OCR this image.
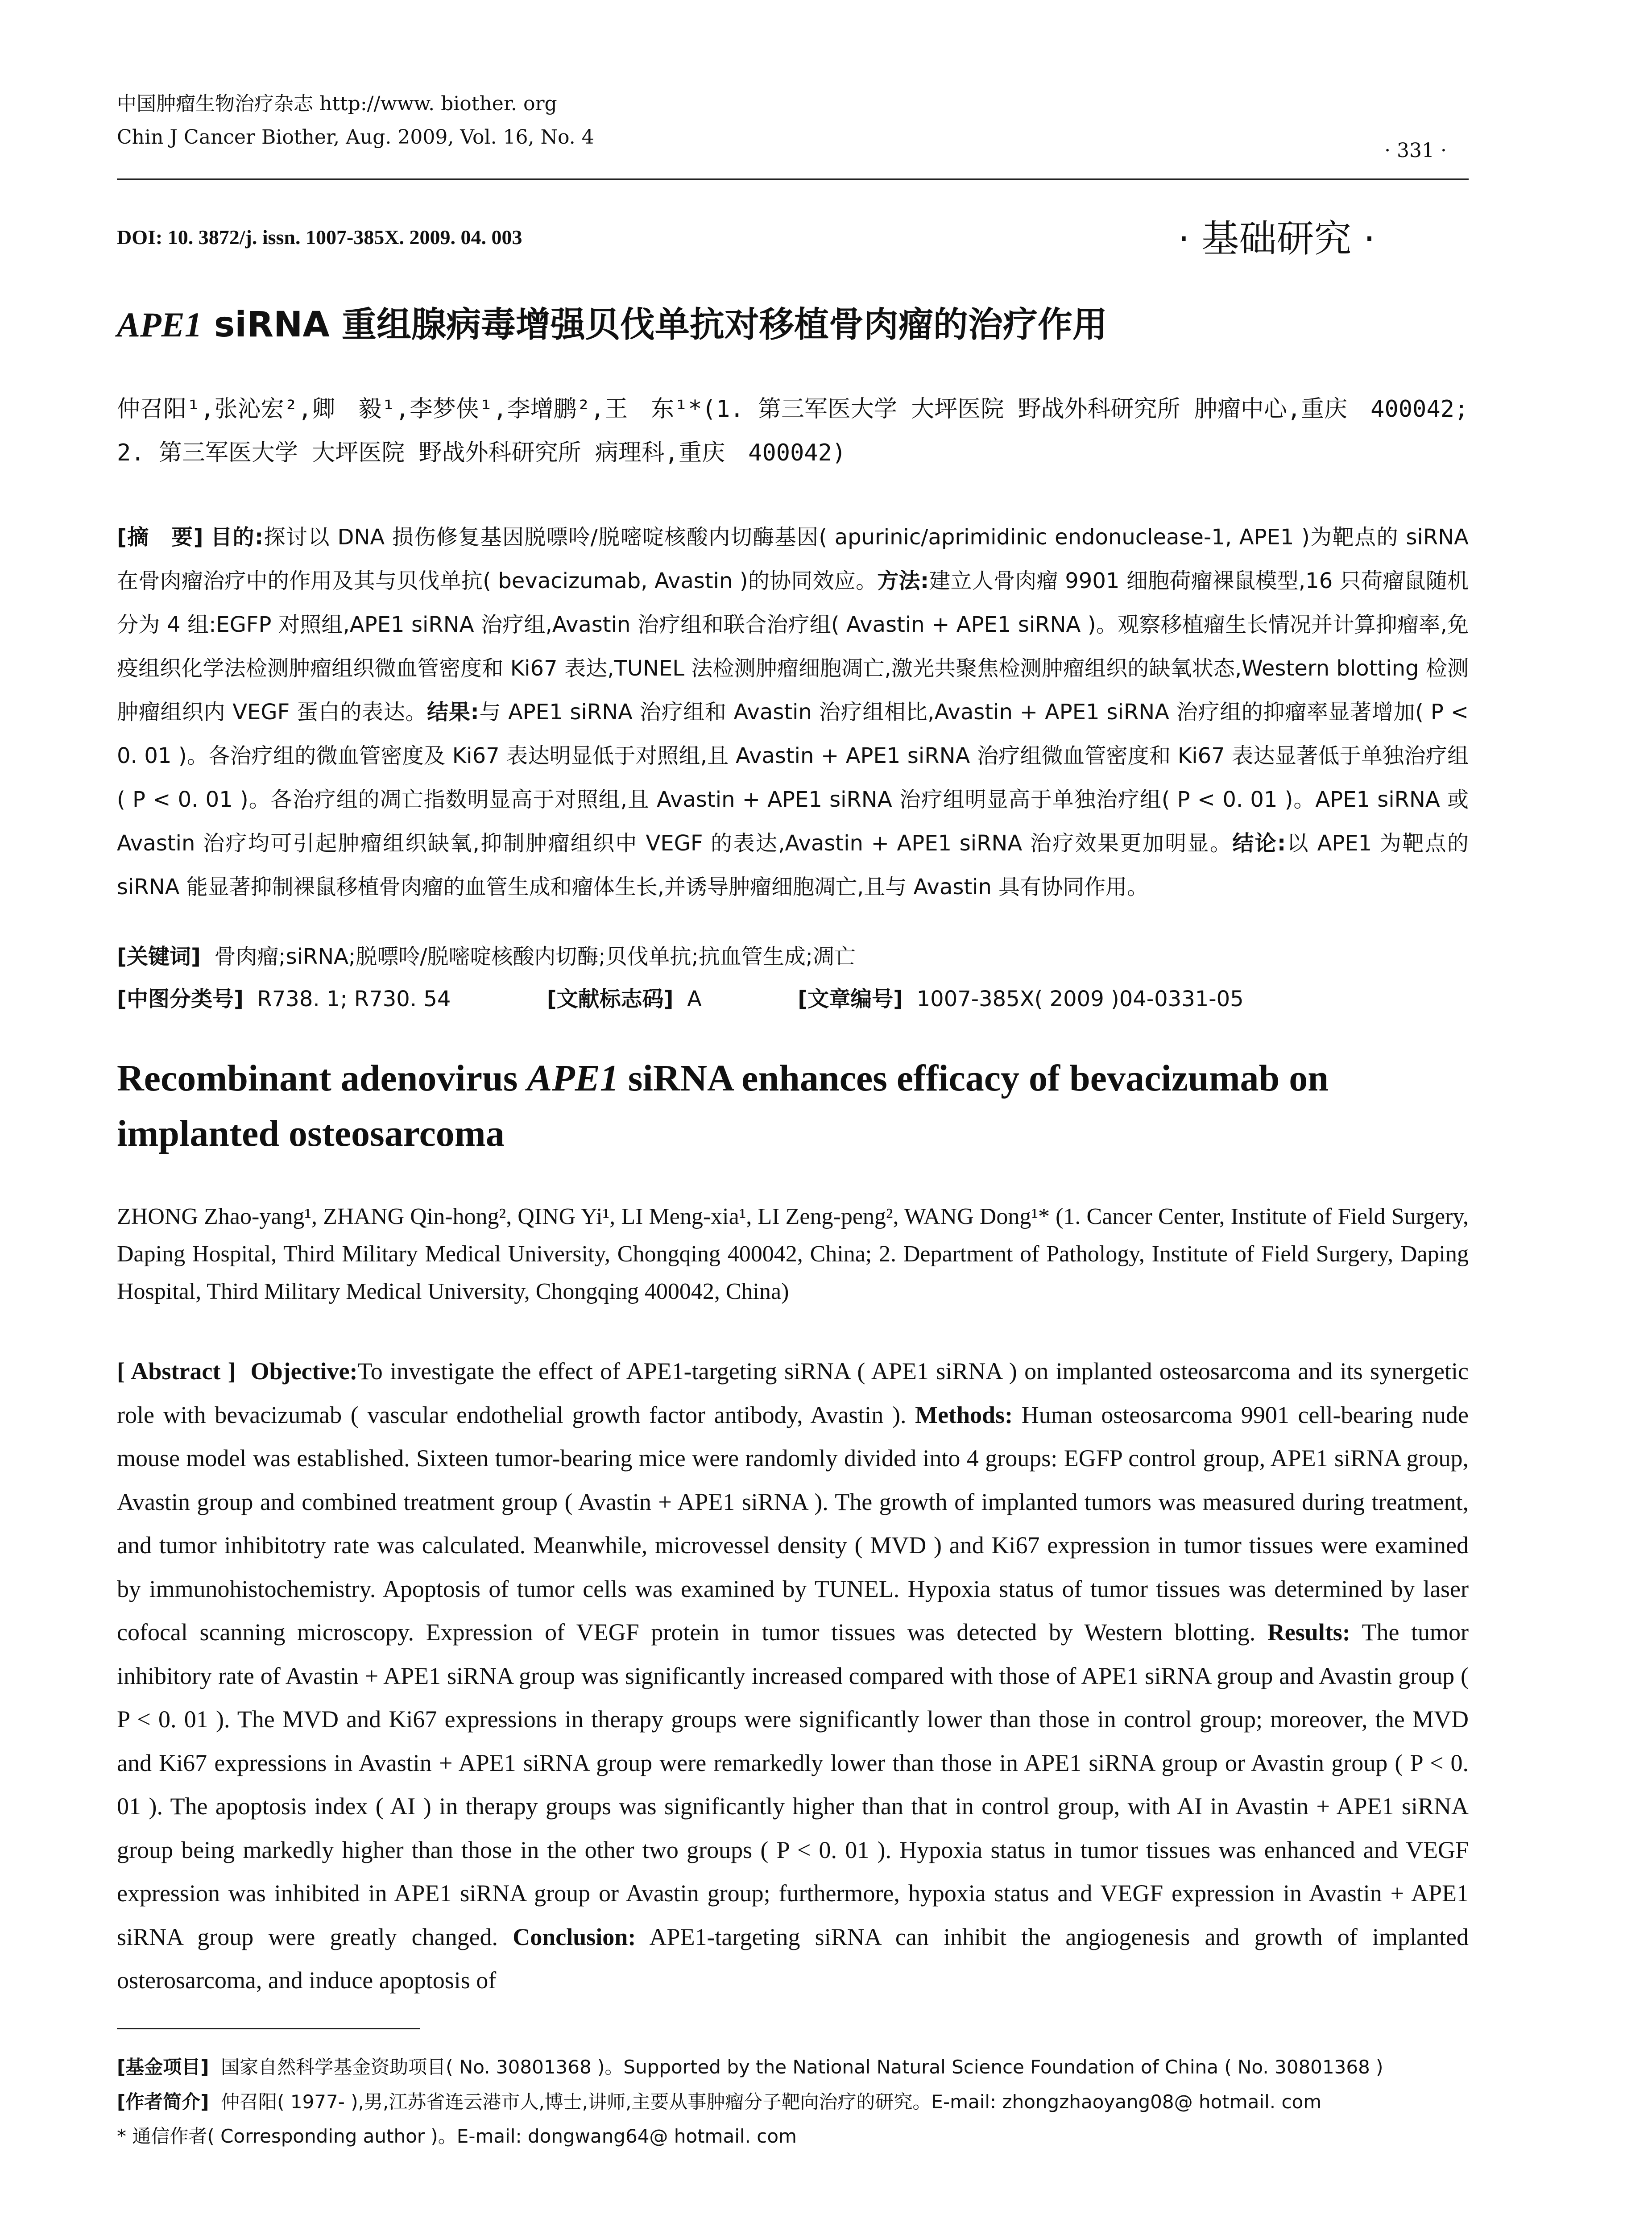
中国肿瘤生物治疗杂志 http://www. biother. org
Chin J Cancer Biother, Aug. 2009, Vol. 16, No. 4
· 331 ·
DOI: 10. 3872/j. issn. 1007-385X. 2009. 04. 003	· 基础研究 ·
APE1 siRNA 重组腺病毒增强贝伐单抗对移植骨肉瘤的治疗作用
仲召阳¹,张沁宏²,卿　毅¹,李梦侠¹,李增鹏²,王　东¹*(1. 第三军医大学 大坪医院 野战外科研究所 肿瘤中心,重庆　400042; 2. 第三军医大学 大坪医院 野战外科研究所 病理科,重庆　400042)
[摘　要] 目的:探讨以 DNA 损伤修复基因脱嘌呤/脱嘧啶核酸内切酶基因( apurinic/aprimidinic endonuclease-1, APE1 )为靶点的 siRNA 在骨肉瘤治疗中的作用及其与贝伐单抗( bevacizumab, Avastin )的协同效应。方法:建立人骨肉瘤 9901 细胞荷瘤裸鼠模型,16 只荷瘤鼠随机分为 4 组:EGFP 对照组,APE1 siRNA 治疗组,Avastin 治疗组和联合治疗组( Avastin + APE1 siRNA )。观察移植瘤生长情况并计算抑瘤率,免疫组织化学法检测肿瘤组织微血管密度和 Ki67 表达,TUNEL 法检测肿瘤细胞凋亡,激光共聚焦检测肿瘤组织的缺氧状态,Western blotting 检测肿瘤组织内 VEGF 蛋白的表达。结果:与 APE1 siRNA 治疗组和 Avastin 治疗组相比,Avastin + APE1 siRNA 治疗组的抑瘤率显著增加( P < 0. 01 )。各治疗组的微血管密度及 Ki67 表达明显低于对照组,且 Avastin + APE1 siRNA 治疗组微血管密度和 Ki67 表达显著低于单独治疗组( P < 0. 01 )。各治疗组的凋亡指数明显高于对照组,且 Avastin + APE1 siRNA 治疗组明显高于单独治疗组( P < 0. 01 )。APE1 siRNA 或 Avastin 治疗均可引起肿瘤组织缺氧,抑制肿瘤组织中 VEGF 的表达,Avastin + APE1 siRNA 治疗效果更加明显。结论:以 APE1 为靶点的 siRNA 能显著抑制裸鼠移植骨肉瘤的血管生成和瘤体生长,并诱导肿瘤细胞凋亡,且与 Avastin 具有协同作用。
[关键词] 骨肉瘤;siRNA;脱嘌呤/脱嘧啶核酸内切酶;贝伐单抗;抗血管生成;凋亡
[中图分类号] R738. 1; R730. 54	[文献标志码] A	[文章编号] 1007-385X( 2009 )04-0331-05
Recombinant adenovirus APE1 siRNA enhances efficacy of bevacizumab on implanted osteosarcoma
ZHONG Zhao-yang¹, ZHANG Qin-hong², QING Yi¹, LI Meng-xia¹, LI Zeng-peng², WANG Dong¹* (1. Cancer Center, Institute of Field Surgery, Daping Hospital, Third Military Medical University, Chongqing 400042, China; 2. Department of Pathology, Institute of Field Surgery, Daping Hospital, Third Military Medical University, Chongqing 400042, China)
[ Abstract ] Objective:To investigate the effect of APE1-targeting siRNA ( APE1 siRNA ) on implanted osteosarcoma and its synergetic role with bevacizumab ( vascular endothelial growth factor antibody, Avastin ). Methods: Human osteosarcoma 9901 cell-bearing nude mouse model was established. Sixteen tumor-bearing mice were randomly divided into 4 groups: EGFP control group, APE1 siRNA group, Avastin group and combined treatment group ( Avastin + APE1 siRNA ). The growth of implanted tumors was measured during treatment, and tumor inhibitotry rate was calculated. Meanwhile, microvessel density ( MVD ) and Ki67 expression in tumor tissues were examined by immunohistochemistry. Apoptosis of tumor cells was examined by TUNEL. Hypoxia status of tumor tissues was determined by laser cofocal scanning microscopy. Expression of VEGF protein in tumor tissues was detected by Western blotting. Results: The tumor inhibitory rate of Avastin + APE1 siRNA group was significantly increased compared with those of APE1 siRNA group and Avastin group ( P < 0. 01 ). The MVD and Ki67 expressions in therapy groups were significantly lower than those in control group; moreover, the MVD and Ki67 expressions in Avastin + APE1 siRNA group were remarkedly lower than those in APE1 siRNA group or Avastin group ( P < 0. 01 ). The apoptosis index ( AI ) in therapy groups was significantly higher than that in control group, with AI in Avastin + APE1 siRNA group being markedly higher than those in the other two groups ( P < 0. 01 ). Hypoxia status in tumor tissues was enhanced and VEGF expression was inhibited in APE1 siRNA group or Avastin group; furthermore, hypoxia status and VEGF expression in Avastin + APE1 siRNA group were greatly changed. Conclusion: APE1-targeting siRNA can inhibit the angiogenesis and growth of implanted osterosarcoma, and induce apoptosis of
[基金项目] 国家自然科学基金资助项目( No. 30801368 )。Supported by the National Natural Science Foundation of China ( No. 30801368 )
[作者简介] 仲召阳( 1977- ),男,江苏省连云港市人,博士,讲师,主要从事肿瘤分子靶向治疗的研究。E-mail: zhongzhaoyang08@ hotmail. com
* 通信作者( Corresponding author )。E-mail: dongwang64@ hotmail. com
